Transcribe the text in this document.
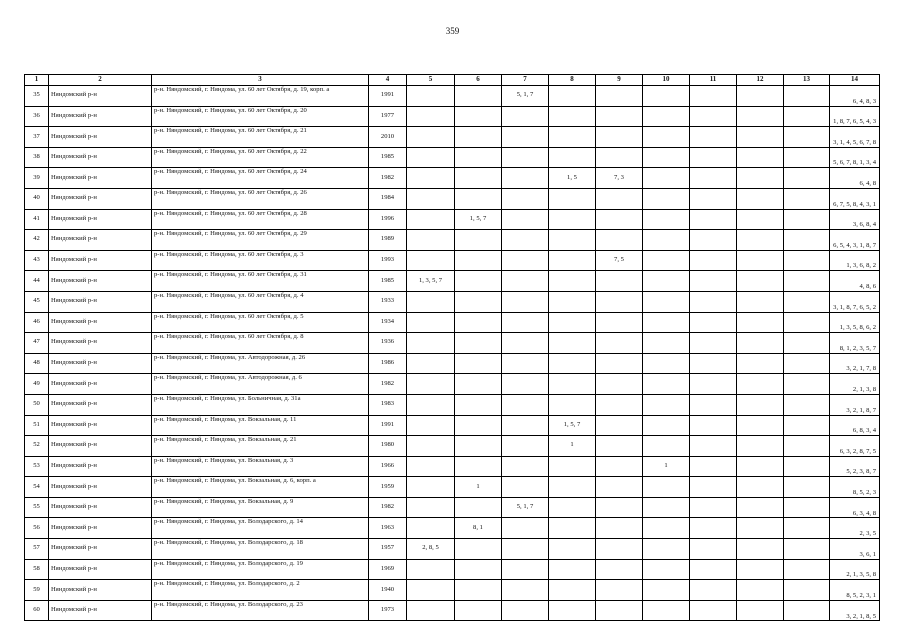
359
1	2	3	4	5	6	7	8	9	10	11	12	13	14
35	Няндомский р-н	р-н. Няндомский, г. Няндома, ул. 60 лет Октября, д. 19, корп. а	1991			5, 1, 7							6, 4, 8, 3
36	Няндомский р-н	р-н. Няндомский, г. Няндома, ул. 60 лет Октября, д. 20	1977										1, 8, 7, 6, 5, 4, 3
37	Няндомский р-н	р-н. Няндомский, г. Няндома, ул. 60 лет Октября, д. 21	2010										3, 1, 4, 5, 6, 7, 8
38	Няндомский р-н	р-н. Няндомский, г. Няндома, ул. 60 лет Октября, д. 22	1985										5, 6, 7, 8, 1, 3, 4
39	Няндомский р-н	р-н. Няндомский, г. Няндома, ул. 60 лет Октября, д. 24	1982				1, 5	7, 3					6, 4, 8
40	Няндомский р-н	р-н. Няндомский, г. Няндома, ул. 60 лет Октября, д. 26	1984										6, 7, 5, 8, 4, 3, 1
41	Няндомский р-н	р-н. Няндомский, г. Няндома, ул. 60 лет Октября, д. 28	1996		1, 5, 7								3, 6, 8, 4
42	Няндомский р-н	р-н. Няндомский, г. Няндома, ул. 60 лет Октября, д. 29	1989										6, 5, 4, 3, 1, 8, 7
43	Няндомский р-н	р-н. Няндомский, г. Няндома, ул. 60 лет Октября, д. 3	1993					7, 5					1, 3, 6, 8, 2
44	Няндомский р-н	р-н. Няндомский, г. Няндома, ул. 60 лет Октября, д. 31	1985	1, 3, 5, 7									4, 8, 6
45	Няндомский р-н	р-н. Няндомский, г. Няндома, ул. 60 лет Октября, д. 4	1933										3, 1, 8, 7, 6, 5, 2
46	Няндомский р-н	р-н. Няндомский, г. Няндома, ул. 60 лет Октября, д. 5	1934										1, 3, 5, 8, 6, 2
47	Няндомский р-н	р-н. Няндомский, г. Няндома, ул. 60 лет Октября, д. 8	1936										8, 1, 2, 3, 5, 7
48	Няндомский р-н	р-н. Няндомский, г. Няндома, ул. Автодорожная, д. 26	1986										3, 2, 1, 7, 8
49	Няндомский р-н	р-н. Няндомский, г. Няндома, ул. Автодорожная, д. 6	1982										2, 1, 3, 8
50	Няндомский р-н	р-н. Няндомский, г. Няндома, ул. Больничная, д. 31а	1983										3, 2, 1, 8, 7
51	Няндомский р-н	р-н. Няндомский, г. Няндома, ул. Вокзальная, д. 11	1991				1, 5, 7						6, 8, 3, 4
52	Няндомский р-н	р-н. Няндомский, г. Няндома, ул. Вокзальная, д. 21	1980				1						6, 3, 2, 8, 7, 5
53	Няндомский р-н	р-н. Няндомский, г. Няндома, ул. Вокзальная, д. 3	1966						1				5, 2, 3, 8, 7
54	Няндомский р-н	р-н. Няндомский, г. Няндома, ул. Вокзальная, д. 6, корп. а	1959		1								8, 5, 2, 3
55	Няндомский р-н	р-н. Няндомский, г. Няндома, ул. Вокзальная, д. 9	1982			5, 1, 7							6, 3, 4, 8
56	Няндомский р-н	р-н. Няндомский, г. Няндома, ул. Володарского, д. 14	1963		8, 1								2, 3, 5
57	Няндомский р-н	р-н. Няндомский, г. Няндома, ул. Володарского, д. 18	1957	2, 8, 5									3, 6, 1
58	Няндомский р-н	р-н. Няндомский, г. Няндома, ул. Володарского, д. 19	1969										2, 1, 3, 5, 8
59	Няндомский р-н	р-н. Няндомский, г. Няндома, ул. Володарского, д. 2	1940										8, 5, 2, 3, 1
60	Няндомский р-н	р-н. Няндомский, г. Няндома, ул. Володарского, д. 23	1973										3, 2, 1, 8, 5
